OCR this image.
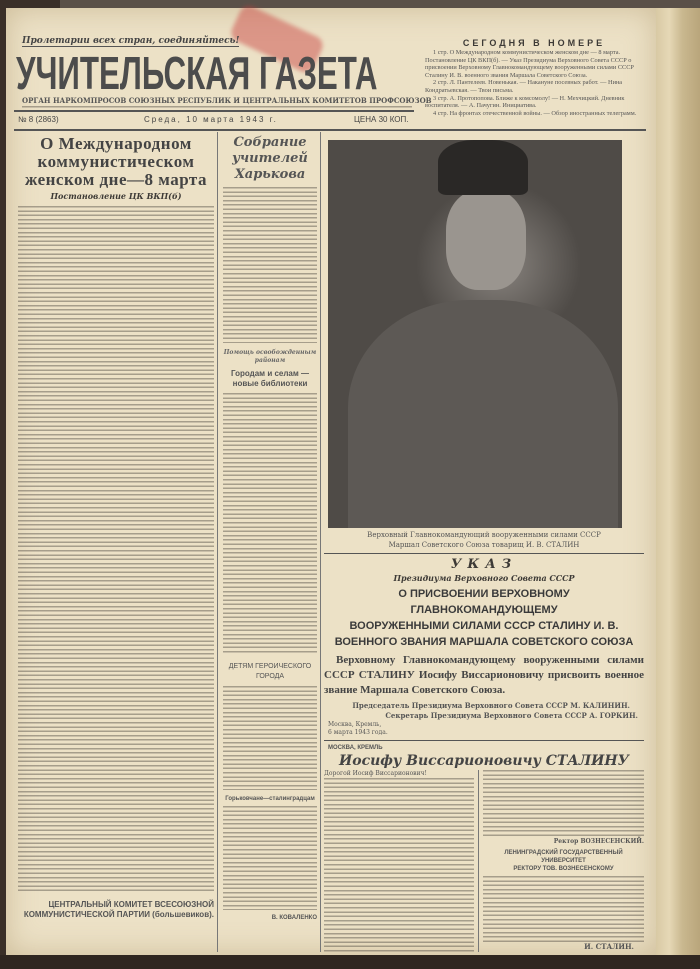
Пролетарии всех стран, соединяйтесь!
УЧИТЕЛЬСКАЯ ГАЗЕТА
ОРГАН НАРКОМПРОСОВ СОЮЗНЫХ РЕСПУБЛИК И ЦЕНТРАЛЬНЫХ КОМИТЕТОВ ПРОФСОЮЗОВ
№ 8 (2863)	Среда, 10 марта 1943 г.	ЦЕНА 30 КОП.
СЕГОДНЯ В НОМЕРЕ

1 стр. О Международном коммунистическом женском дне — 8 марта. Постановление ЦК ВКП(б). — Указ Президиума Верховного Совета СССР о присвоении Верховному Главнокомандующему вооруженными силами СССР Сталину И. В. военного звания Маршала Советского Союза.

2 стр. Л. Пантелеев. Новенькая. — Накануне посевных работ. — Нина Кондратьевская. — Твои письма.

3 стр. А. Протопопова. Ближе к комсомолу! — Н. Мехчицкий. Дневник воспитателя. — А. Пачугин. Инициатива.

4 стр. На фронтах отечественной войны. — Обзор иностранных телеграмм.

О Международном коммунистическом женском дне—8 марта
Постановление ЦК ВКП(б)
ЦЕНТРАЛЬНЫЙ КОМИТЕТ ВСЕСОЮЗНОЙ КОММУНИСТИЧЕСКОЙ ПАРТИИ (большевиков).
Собрание учителей Харькова
Помощь освобожденным районам
Городам и селам — новые библиотеки
ДЕТЯМ ГЕРОИЧЕСКОГО ГОРОДА
Горьковчане—сталинградцам
В. КОВАЛЕНКО
Верховный Главнокомандующий вооруженными силами СССР
Маршал Советского Союза товарищ И. В. СТАЛИН
УКАЗ
Президиума Верховного Совета СССР
О ПРИСВОЕНИИ ВЕРХОВНОМУ ГЛАВНОКОМАНДУЮЩЕМУ
ВООРУЖЕННЫМИ СИЛАМИ СССР СТАЛИНУ И. В.
ВОЕННОГО ЗВАНИЯ МАРШАЛА СОВЕТСКОГО СОЮЗА
Верховному Главнокомандующему вооруженными силами СССР СТАЛИНУ Иосифу Виссарионовичу присвоить военное звание Маршала Советского Союза.
Председатель Президиума Верховного Совета СССР М. КАЛИНИН.
Секретарь Президиума Верховного Совета СССР А. ГОРКИН.
Москва, Кремль,
6 марта 1943 года.
МОСКВА, КРЕМЛЬ
Иосифу Виссарионовичу СТАЛИНУ
Дорогой Иосиф Виссарионович!
Ректор ВОЗНЕСЕНСКИЙ.
ЛЕНИНГРАДСКИЙ ГОСУДАРСТВЕННЫЙ УНИВЕРСИТЕТ
РЕКТОРУ ТОВ. ВОЗНЕСЕНСКОМУ
И. СТАЛИН.
